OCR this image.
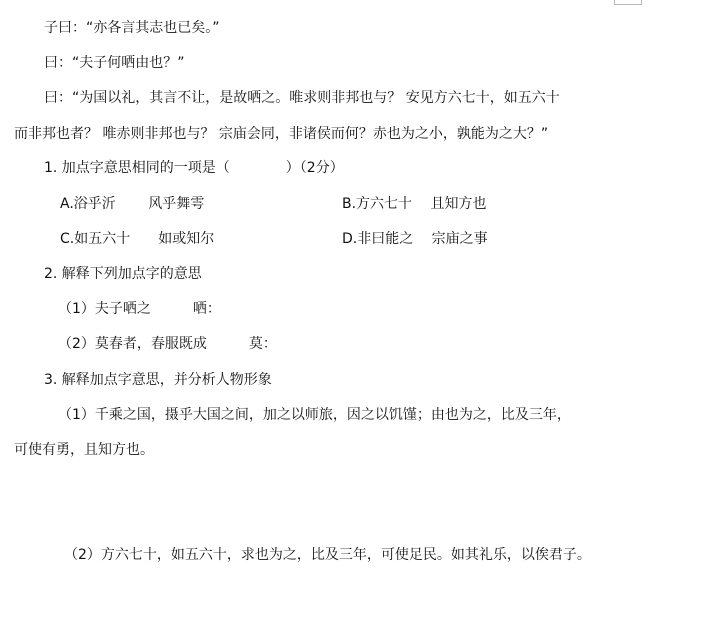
子曰：“亦各言其志也已矣。”
曰：“夫子何哂由也？”
曰：“为国以礼，其言不让，是故哂之。唯求则非邦也与？ 安见方六七十，如五六十
而非邦也者？ 唯赤则非邦也与？ 宗庙会同，非诸侯而何？赤也为之小，孰能为之大？”
1. 加点字意思相同的一项是（　　　　）（2分）
A.浴乎沂　　 风乎舞雩	B.方六七十　 且知方也
C.如五六十　　如或知尔	D.非曰能之　 宗庙之事
2. 解释下列加点字的意思
（1）夫子哂之　　　哂：
（2）莫春者，春服既成　　　莫：
3. 解释加点字意思，并分析人物形象
（1）千乘之国，摄乎大国之间，加之以师旅，因之以饥馑；由也为之，比及三年，
可使有勇，且知方也。
（2）方六七十，如五六十，求也为之，比及三年，可使足民。如其礼乐，以俟君子。
